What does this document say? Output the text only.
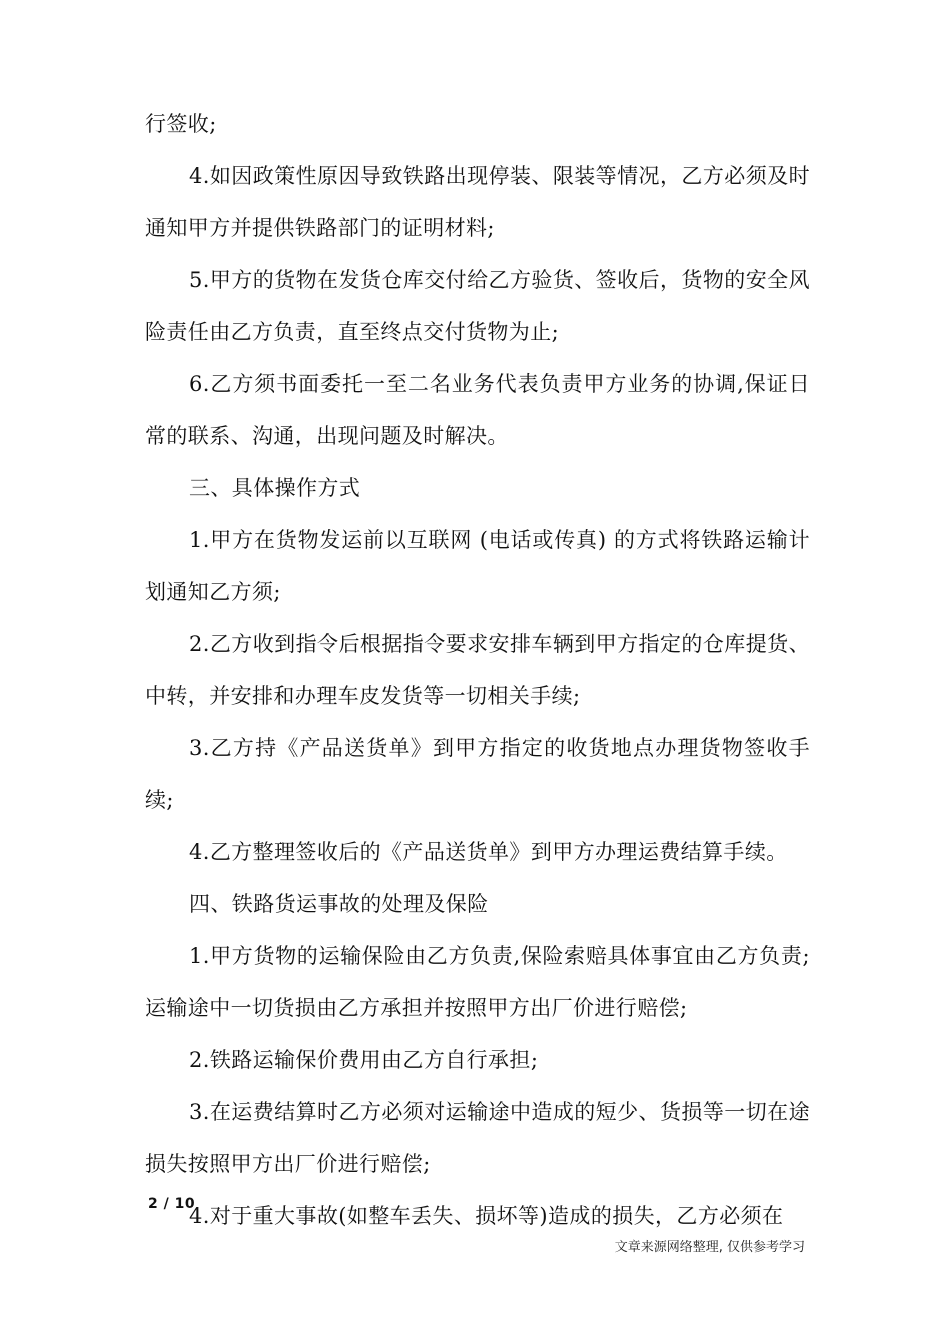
行签收;

4.如因政策性原因导致铁路出现停装、限装等情况，乙方必须及时通知甲方并提供铁路部门的证明材料;

5.甲方的货物在发货仓库交付给乙方验货、签收后，货物的安全风险责任由乙方负责，直至终点交付货物为止;

6.乙方须书面委托一至二名业务代表负责甲方业务的协调,保证日常的联系、沟通，出现问题及时解决。

三、具体操作方式

1.甲方在货物发运前以互联网 (电话或传真) 的方式将铁路运输计划通知乙方须;

2.乙方收到指令后根据指令要求安排车辆到甲方指定的仓库提货、中转，并安排和办理车皮发货等一切相关手续;

3.乙方持《产品送货单》到甲方指定的收货地点办理货物签收手续;

4.乙方整理签收后的《产品送货单》到甲方办理运费结算手续。

四、铁路货运事故的处理及保险

1.甲方货物的运输保险由乙方负责,保险索赔具体事宜由乙方负责;运输途中一切货损由乙方承担并按照甲方出厂价进行赔偿;

2.铁路运输保价费用由乙方自行承担;

3.在运费结算时乙方必须对运输途中造成的短少、货损等一切在途损失按照甲方出厂价进行赔偿;

4.对于重大事故(如整车丢失、损坏等)造成的损失，乙方必须在

2 / 10

文章来源网络整理, 仅供参考学习
